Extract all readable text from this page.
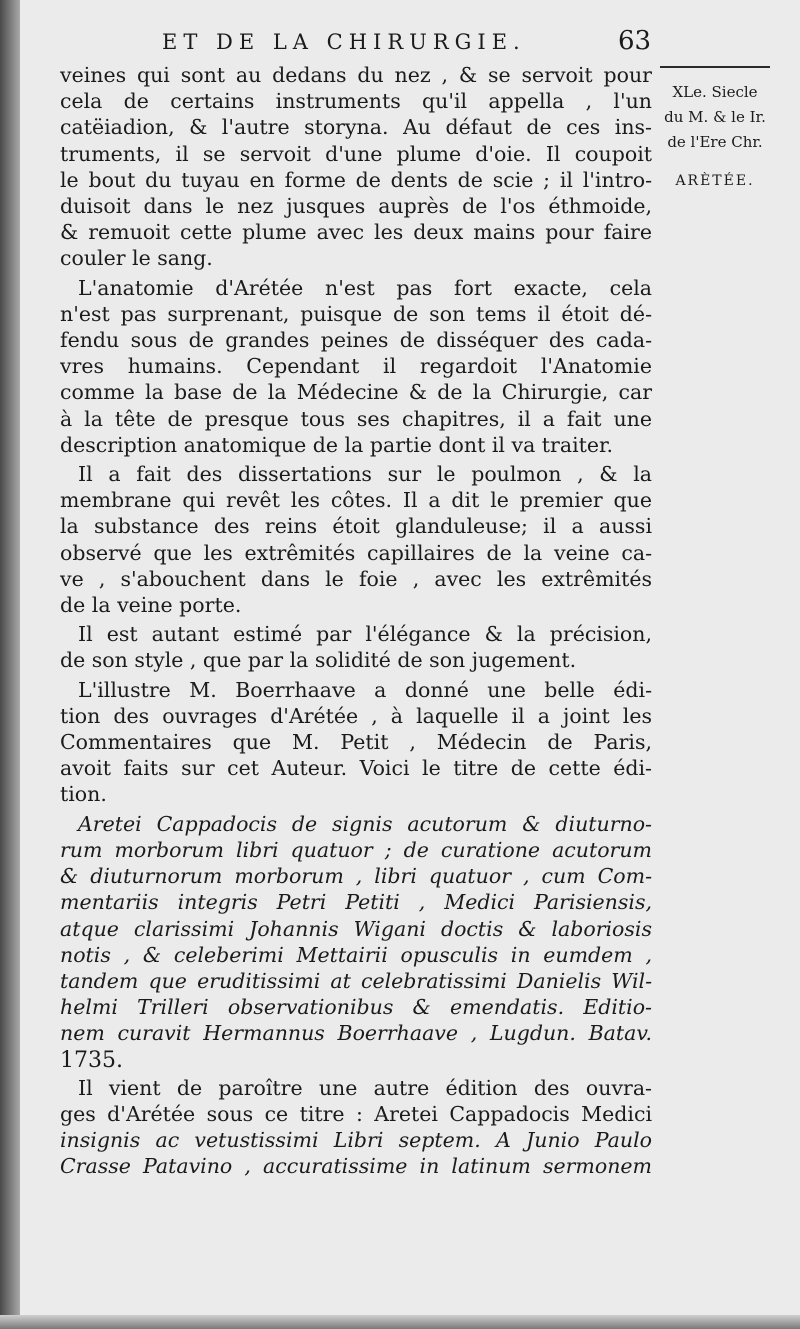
ET DE LA CHIRURGIE.	63
XLe. Siecle
du M. & le Ir.
de l'Ere Chr.
ARÈTÉE.
veines qui sont au dedans du nez , & se servoit pour
cela de certains instruments qu'il appella , l'un
catëiadion, & l'autre storyna. Au défaut de ces ins-
truments, il se servoit d'une plume d'oie. Il coupoit
le bout du tuyau en forme de dents de scie ; il l'intro-
duisoit dans le nez jusques auprès de l'os éthmoide,
& remuoit cette plume avec les deux mains pour faire
couler le sang.
L'anatomie d'Arétée n'est pas fort exacte, cela
n'est pas surprenant, puisque de son tems il étoit dé-
fendu sous de grandes peines de disséquer des cada-
vres humains. Cependant il regardoit l'Anatomie
comme la base de la Médecine & de la Chirurgie, car
à la tête de presque tous ses chapitres, il a fait une
description anatomique de la partie dont il va traiter.
Il a fait des dissertations sur le poulmon , & la
membrane qui revêt les côtes. Il a dit le premier que
la substance des reins étoit glanduleuse; il a aussi
observé que les extrêmités capillaires de la veine ca-
ve , s'abouchent dans le foie , avec les extrêmités
de la veine porte.
Il est autant estimé par l'élégance & la précision,
de son style , que par la solidité de son jugement.
L'illustre M. Boerrhaave a donné une belle édi-
tion des ouvrages d'Arétée , à laquelle il a joint les
Commentaires que M. Petit , Médecin de Paris,
avoit faits sur cet Auteur. Voici le titre de cette édi-
tion.
Aretei Cappadocis de signis acutorum & diuturno-
rum morborum libri quatuor ; de curatione acutorum
& diuturnorum morborum , libri quatuor , cum Com-
mentariis integris Petri Petiti , Medici Parisiensis,
atque clarissimi Johannis Wigani doctis & laboriosis
notis , & celeberimi Mettairii opusculis in eumdem ,
tandem que eruditissimi at celebratissimi Danielis Wil-
helmi Trilleri observationibus & emendatis. Editio-
nem curavit Hermannus Boerrhaave , Lugdun. Batav.
1735.
Il vient de paroître une autre édition des ouvra-
ges d'Arétée sous ce titre : Aretei Cappadocis Medici
insignis ac vetustissimi Libri septem. A Junio Paulo
Crasse Patavino , accuratissime in latinum sermonem
